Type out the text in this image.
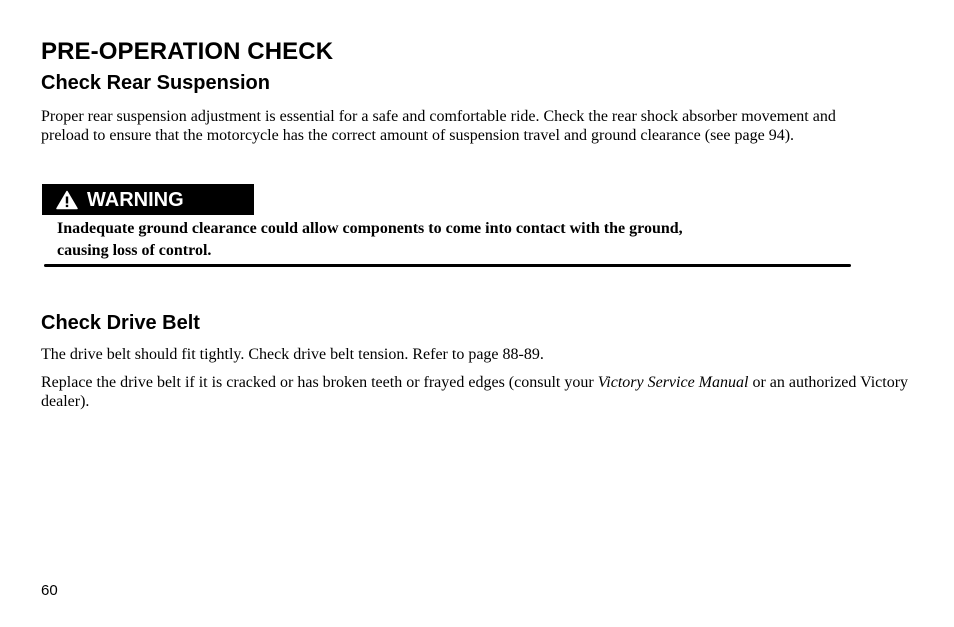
PRE-OPERATION CHECK
Check Rear Suspension

Proper rear suspension adjustment is essential for a safe and comfortable ride. Check the rear shock absorber movement and preload to ensure that the motorcycle has the correct amount of suspension travel and ground clearance (see page 94).

WARNING

Inadequate ground clearance could allow components to come into contact with the ground,
causing loss of control.

Check Drive Belt

The drive belt should fit tightly. Check drive belt tension. Refer to page 88-89.

Replace the drive belt if it is cracked or has broken teeth or frayed edges (consult your Victory Service Manual or an authorized Victory dealer).

60
